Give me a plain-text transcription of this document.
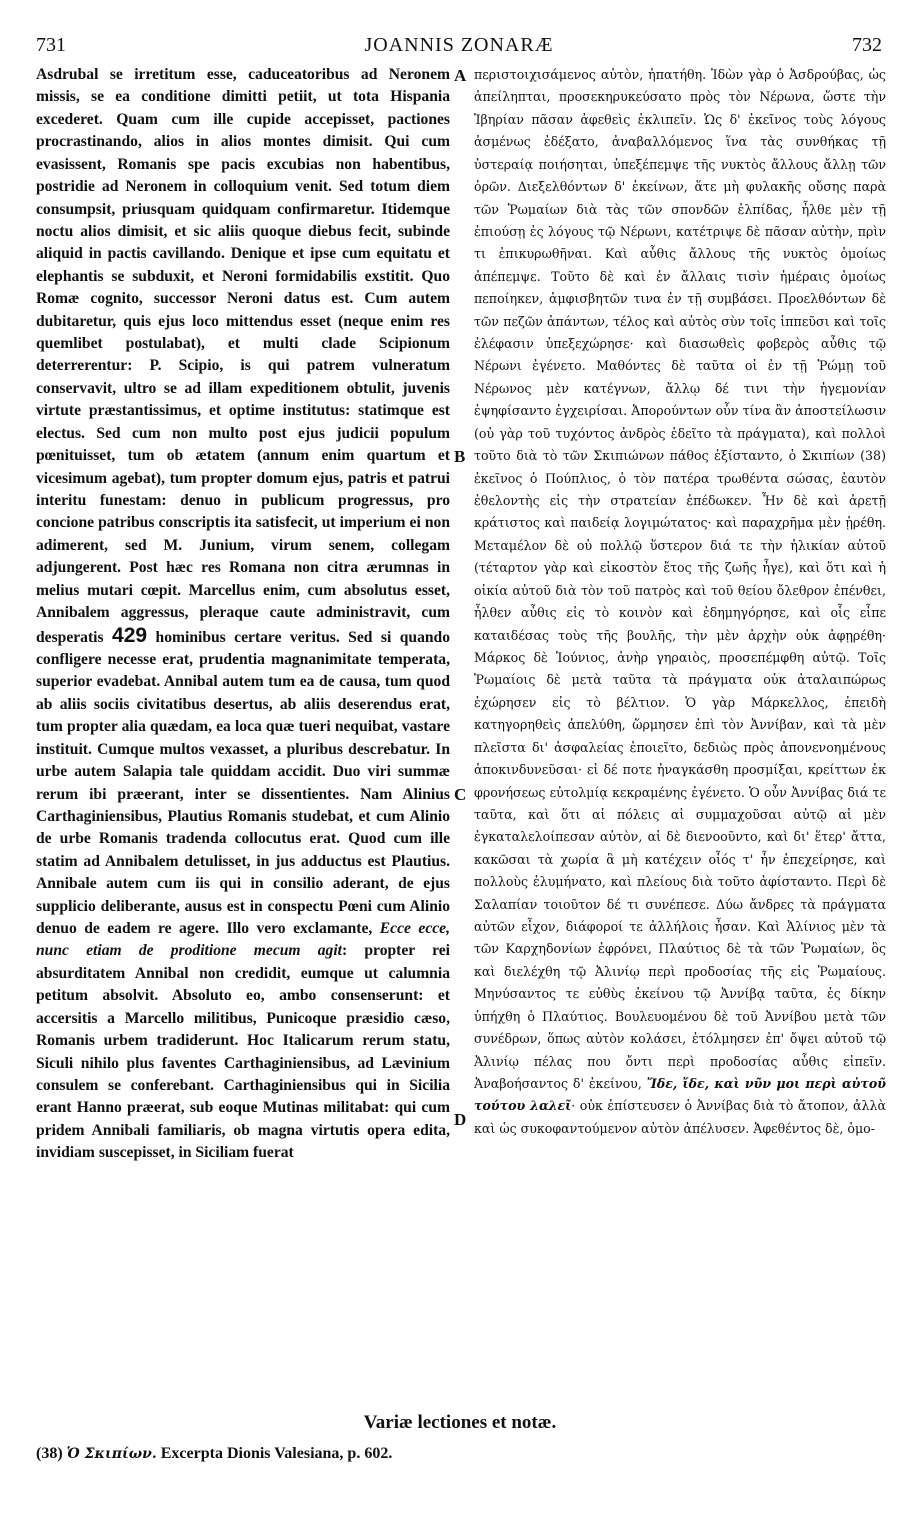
731	JOANNIS ZONARÆ	732
A
B
C
D

Asdrubal se irretitum esse, caduceatoribus ad Neronem missis, se ea conditione dimitti petiit, ut tota Hispania excederet. Quam cum ille cupide accepisset, pactiones procrastinando, alios in alios montes dimisit. Qui cum evasissent, Romanis spe pacis excubias non habentibus, postridie ad Neronem in colloquium venit. Sed totum diem consumpsit, priusquam quidquam confirmaretur. Itidemque noctu alios dimisit, et sic aliis quoque diebus fecit, subinde aliquid in pactis cavillando. Denique et ipse cum equitatu et elephantis se subduxit, et Neroni formidabilis exstitit. Quo Romæ cognito, successor Neroni datus est. Cum autem dubitaretur, quis ejus loco mittendus esset (neque enim res quemlibet postulabat), et multi clade Scipionum deterrerentur: P. Scipio, is qui patrem vulneratum conservavit, ultro se ad illam expeditionem obtulit, juvenis virtute præstantissimus, et optime institutus: statimque est electus. Sed cum non multo post ejus judicii populum pœnituisset, tum ob ætatem (annum enim quartum et vicesimum agebat), tum propter domum ejus, patris et patrui interitu funestam: denuo in publicum progressus, pro concione patribus conscriptis ita satisfecit, ut imperium ei non adimerent, sed M. Junium, virum senem, collegam adjungerent. Post hæc res Romana non citra ærumnas in melius mutari cœpit. Marcellus enim, cum absolutus esset, Annibalem aggressus, pleraque caute administravit, cum desperatis 429 hominibus certare veritus. Sed si quando confligere necesse erat, prudentia magnanimitate temperata, superior evadebat. Annibal autem tum ea de causa, tum quod ab aliis sociis civitatibus desertus, ab aliis deserendus erat, tum propter alia quædam, ea loca quæ tueri nequibat, vastare instituit. Cumque multos vexasset, a pluribus descrebatur. In urbe autem Salapia tale quiddam accidit. Duo viri summæ rerum ibi præerant, inter se dissentientes. Nam Alinius Carthaginiensibus, Plautius Romanis studebat, et cum Alinio de urbe Romanis tradenda collocutus erat. Quod cum ille statim ad Annibalem detulisset, in jus adductus est Plautius. Annibale autem cum iis qui in consilio aderant, de ejus supplicio deliberante, ausus est in conspectu Pœni cum Alinio denuo de eadem re agere. Illo vero exclamante, Ecce ecce, nunc etiam de proditione mecum agit: propter rei absurditatem Annibal non credidit, eumque ut calumnia petitum absolvit. Absoluto eo, ambo consenserunt: et accersitis a Marcello militibus, Punicoque præsidio cæso, Romanis urbem tradiderunt. Hoc Italicarum rerum statu, Siculi nihilo plus faventes Carthaginiensibus, ad Lævinium consulem se conferebant. Carthaginiensibus qui in Sicilia erant Hanno præerat, sub eoque Mutinas militabat: qui cum pridem Annibali familiaris, ob magna virtutis opera edita, invidiam suscepisset, in Siciliam fuerat

περιστοιχισάμενος αὐτὸν, ἠπατήθη. Ἰδὼν γὰρ ὁ Ἀσδρούβας, ὡς ἀπείληπται, προσεκηρυκεύσατο πρὸς τὸν Νέρωνα, ὥστε τὴν Ἰβηρίαν πᾶσαν ἀφεθεὶς ἐκλιπεῖν. Ὡς δ' ἐκεῖνος τοὺς λόγους ἀσμένως ἐδέξατο, ἀναβαλλόμενος ἵνα τὰς συνθήκας τῇ ὑστεραίᾳ ποιήσηται, ὑπεξέπεμψε τῆς νυκτὸς ἄλλους ἄλλῃ τῶν ὀρῶν. Διεξελθόντων δ' ἐκείνων, ἅτε μὴ φυλακῆς οὔσης παρὰ τῶν Ῥωμαίων διὰ τὰς τῶν σπονδῶν ἐλπίδας, ἦλθε μὲν τῇ ἐπιούσῃ ἐς λόγους τῷ Νέρωνι, κατέτριψε δὲ πᾶσαν αὐτὴν, πρὶν τι ἐπικυρωθῆναι. Καὶ αὖθις ἄλλους τῆς νυκτὸς ὁμοίως ἀπέπεμψε. Τοῦτο δὲ καὶ ἐν ἄλλαις τισὶν ἡμέραις ὁμοίως πεποίηκεν, ἀμφισβητῶν τινα ἐν τῇ συμβάσει. Προελθόντων δὲ τῶν πεζῶν ἁπάντων, τέλος καὶ αὐτὸς σὺν τοῖς ἱππεῦσι καὶ τοῖς ἐλέφασιν ὑπεξεχώρησε· καὶ διασωθεὶς φοβερὸς αὖθις τῷ Νέρωνι ἐγένετο. Μαθόντες δὲ ταῦτα οἱ ἐν τῇ Ῥώμῃ τοῦ Νέρωνος μὲν κατέγνων, ἄλλῳ δέ τινι τὴν ἡγεμονίαν ἐψηφίσαντο ἐγχειρίσαι. Ἀπορούντων οὖν τίνα ἂν ἀποστείλωσιν (οὐ γὰρ τοῦ τυχόντος ἀνδρὸς ἐδεῖτο τὰ πράγματα), καὶ πολλοὶ τοῦτο διὰ τὸ τῶν Σκιπιώνων πάθος ἐξίσταντο, ὁ Σκιπίων (38) ἐκεῖνος ὁ Πούπλιος, ὁ τὸν πατέρα τρωθέντα σώσας, ἑαυτὸν ἐθελοντὴς εἰς τὴν στρατείαν ἐπέδωκεν. Ἦν δὲ καὶ ἀρετῇ κράτιστος καὶ παιδείᾳ λογιμώτατος· καὶ παραχρῆμα μὲν ᾑρέθη. Μεταμέλον δὲ οὐ πολλῷ ὕστερον διά τε τὴν ἡλικίαν αὐτοῦ (τέταρτον γὰρ καὶ εἰκοστὸν ἔτος τῆς ζωῆς ἦγε), καὶ ὅτι καὶ ἡ οἰκία αὐτοῦ διὰ τὸν τοῦ πατρὸς καὶ τοῦ θείου ὄλεθρον ἐπένθει, ἦλθεν αὖθις εἰς τὸ κοινὸν καὶ ἐδημηγόρησε, καὶ οἷς εἶπε καταιδέσας τοὺς τῆς βουλῆς, τὴν μὲν ἀρχὴν οὐκ ἀφῃρέθη· Μάρκος δὲ Ἰούνιος, ἀνὴρ γηραιὸς, προσεπέμφθη αὐτῷ. Τοῖς Ῥωμαίοις δὲ μετὰ ταῦτα τὰ πράγματα οὐκ ἀταλαιπώρως ἐχώρησεν εἰς τὸ βέλτιον. Ὁ γὰρ Μάρκελλος, ἐπειδὴ κατηγορηθεὶς ἀπελύθη, ὥρμησεν ἐπὶ τὸν Ἀννίβαν, καὶ τὰ μὲν πλεῖστα δι' ἀσφαλείας ἐποιεῖτο, δεδιὼς πρὸς ἀπονενοημένους ἀποκινδυνεῦσαι· εἰ δέ ποτε ἠναγκάσθη προσμίξαι, κρείττων ἐκ φρονήσεως εὐτολμίᾳ κεκραμένης ἐγένετο. Ὁ οὖν Ἀννίβας διά τε ταῦτα, καὶ ὅτι αἱ πόλεις αἱ συμμαχοῦσαι αὐτῷ αἱ μὲν ἐγκαταλελοίπεσαν αὐτὸν, αἱ δὲ διενοοῦντο, καὶ δι' ἕτερ' ἄττα, κακῶσαι τὰ χωρία ἃ μὴ κατέχειν οἷός τ' ἦν ἐπεχείρησε, καὶ πολλοὺς ἐλυμήνατο, καὶ πλείους διὰ τοῦτο ἀφίσταντο. Περὶ δὲ Σαλαπίαν τοιοῦτον δέ τι συνέπεσε. Δύω ἄνδρες τὰ πράγματα αὐτῶν εἶχον, διάφοροί τε ἀλλήλοις ἦσαν. Καὶ Ἀλίνιος μὲν τὰ τῶν Καρχηδονίων ἐφρόνει, Πλαύτιος δὲ τὰ τῶν Ῥωμαίων, ὃς καὶ διελέχθη τῷ Ἀλινίῳ περὶ προδοσίας τῆς εἰς Ῥωμαίους. Μηνύσαντος τε εὐθὺς ἐκείνου τῷ Ἀννίβᾳ ταῦτα, ἐς δίκην ὑπήχθη ὁ Πλαύτιος. Βουλευομένου δὲ τοῦ Ἀννίβου μετὰ τῶν συνέδρων, ὅπως αὐτὸν κολάσει, ἐτόλμησεν ἐπ' ὄψει αὐτοῦ τῷ Ἀλινίῳ πέλας που ὄντι περὶ προδοσίας αὖθις εἰπεῖν. Ἀναβοήσαντος δ' ἐκείνου, Ἴδε, ἴδε, καὶ νῦν μοι περὶ αὐτοῦ τούτου λαλεῖ· οὐκ ἐπίστευσεν ὁ Ἀννίβας διὰ τὸ ἄτοπον, ἀλλὰ καὶ ὡς συκοφαντούμενον αὐτὸν ἀπέλυσεν. Ἀφεθέντος δὲ, ὁμο-

Variæ lectiones et notæ.
(38) Ὁ Σκιπίων. Excerpta Dionis Valesiana, p. 602.
